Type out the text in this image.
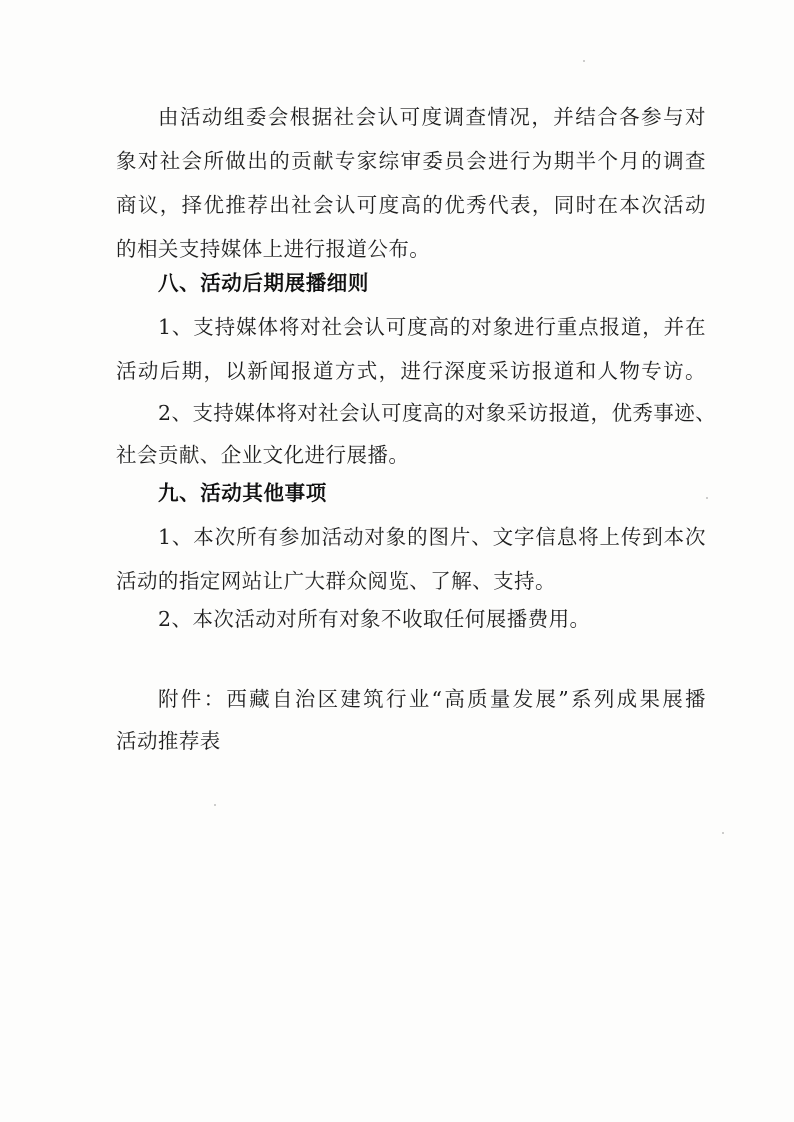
由活动组委会根据社会认可度调查情况，并结合各参与对
象对社会所做出的贡献专家综审委员会进行为期半个月的调查
商议，择优推荐出社会认可度高的优秀代表，同时在本次活动
的相关支持媒体上进行报道公布。
八、活动后期展播细则
1、支持媒体将对社会认可度高的对象进行重点报道，并在
活动后期，以新闻报道方式，进行深度采访报道和人物专访。
2、支持媒体将对社会认可度高的对象采访报道，优秀事迹、
社会贡献、企业文化进行展播。
九、活动其他事项
1、本次所有参加活动对象的图片、文字信息将上传到本次
活动的指定网站让广大群众阅览、了解、支持。
2、本次活动对所有对象不收取任何展播费用。
附件：西藏自治区建筑行业“高质量发展”系列成果展播
活动推荐表
